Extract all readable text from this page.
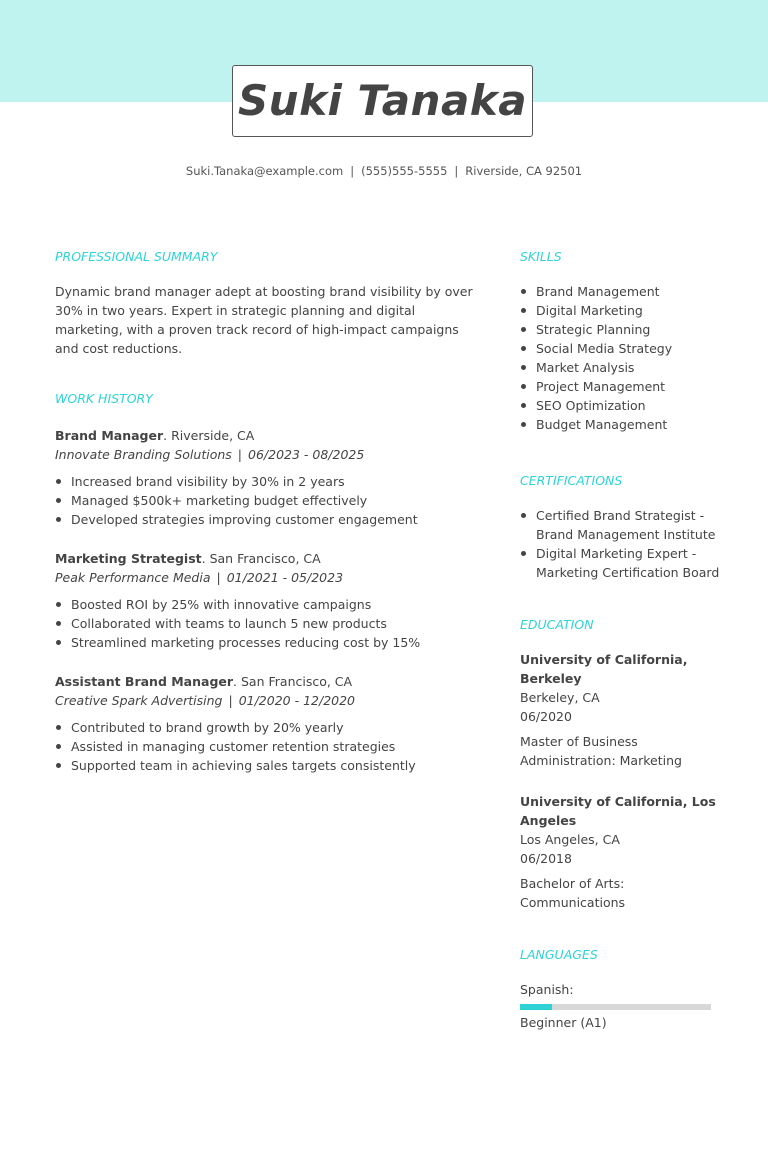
Suki Tanaka
Suki.Tanaka@example.com | (555)555-5555 | Riverside, CA 92501
PROFESSIONAL SUMMARY

Dynamic brand manager adept at boosting brand visibility by over 30% in two years. Expert in strategic planning and digital marketing, with a proven track record of high-impact campaigns and cost reductions.

WORK HISTORY
Brand Manager. Riverside, CA
Innovate Branding Solutions | 06/2023 - 08/2025
Increased brand visibility by 30% in 2 years
Managed $500k+ marketing budget effectively
Developed strategies improving customer engagement
Marketing Strategist. San Francisco, CA
Peak Performance Media | 01/2021 - 05/2023
Boosted ROI by 25% with innovative campaigns
Collaborated with teams to launch 5 new products
Streamlined marketing processes reducing cost by 15%
Assistant Brand Manager. San Francisco, CA
Creative Spark Advertising | 01/2020 - 12/2020
Contributed to brand growth by 20% yearly
Assisted in managing customer retention strategies
Supported team in achieving sales targets consistently
SKILLS
Brand Management
Digital Marketing
Strategic Planning
Social Media Strategy
Market Analysis
Project Management
SEO Optimization
Budget Management
CERTIFICATIONS
Certified Brand Strategist - Brand Management Institute
Digital Marketing Expert - Marketing Certification Board
EDUCATION
University of California, Berkeley
Berkeley, CA
06/2020
Master of Business Administration: Marketing
University of California, Los Angeles
Los Angeles, CA
06/2018
Bachelor of Arts: Communications
LANGUAGES
Spanish:
Beginner (A1)
